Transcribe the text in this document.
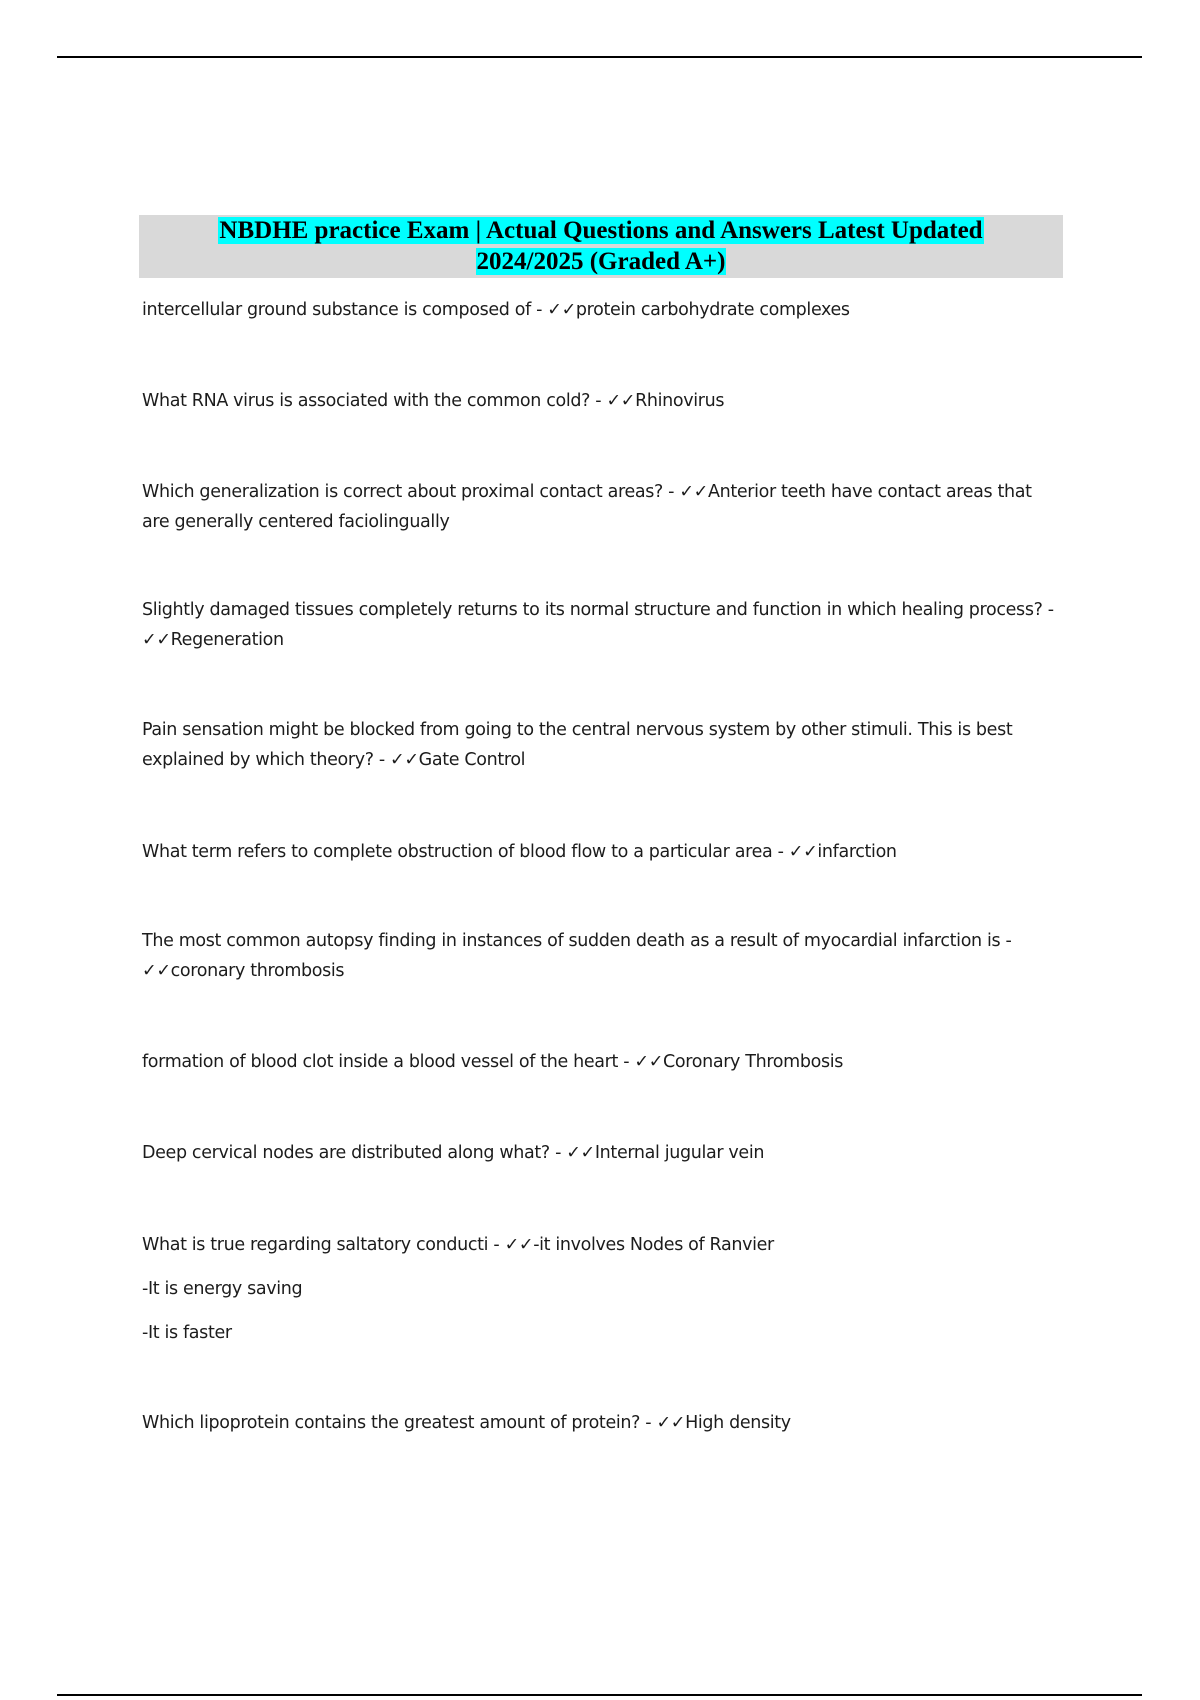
NBDHE practice Exam | Actual Questions and Answers Latest Updated
2024/2025 (Graded A+)

intercellular ground substance is composed of - ✓✓protein carbohydrate complexes

What RNA virus is associated with the common cold? - ✓✓Rhinovirus

Which generalization is correct about proximal contact areas? - ✓✓Anterior teeth have contact areas that are generally centered faciolingually

Slightly damaged tissues completely returns to its normal structure and function in which healing process? - ✓✓Regeneration

Pain sensation might be blocked from going to the central nervous system by other stimuli. This is best explained by which theory? - ✓✓Gate Control

What term refers to complete obstruction of blood flow to a particular area - ✓✓infarction

The most common autopsy finding in instances of sudden death as a result of myocardial infarction is - ✓✓coronary thrombosis

formation of blood clot inside a blood vessel of the heart - ✓✓Coronary Thrombosis

Deep cervical nodes are distributed along what? - ✓✓Internal jugular vein

What is true regarding saltatory conducti - ✓✓-it involves Nodes of Ranvier

-It is energy saving

-It is faster

Which lipoprotein contains the greatest amount of protein? - ✓✓High density
